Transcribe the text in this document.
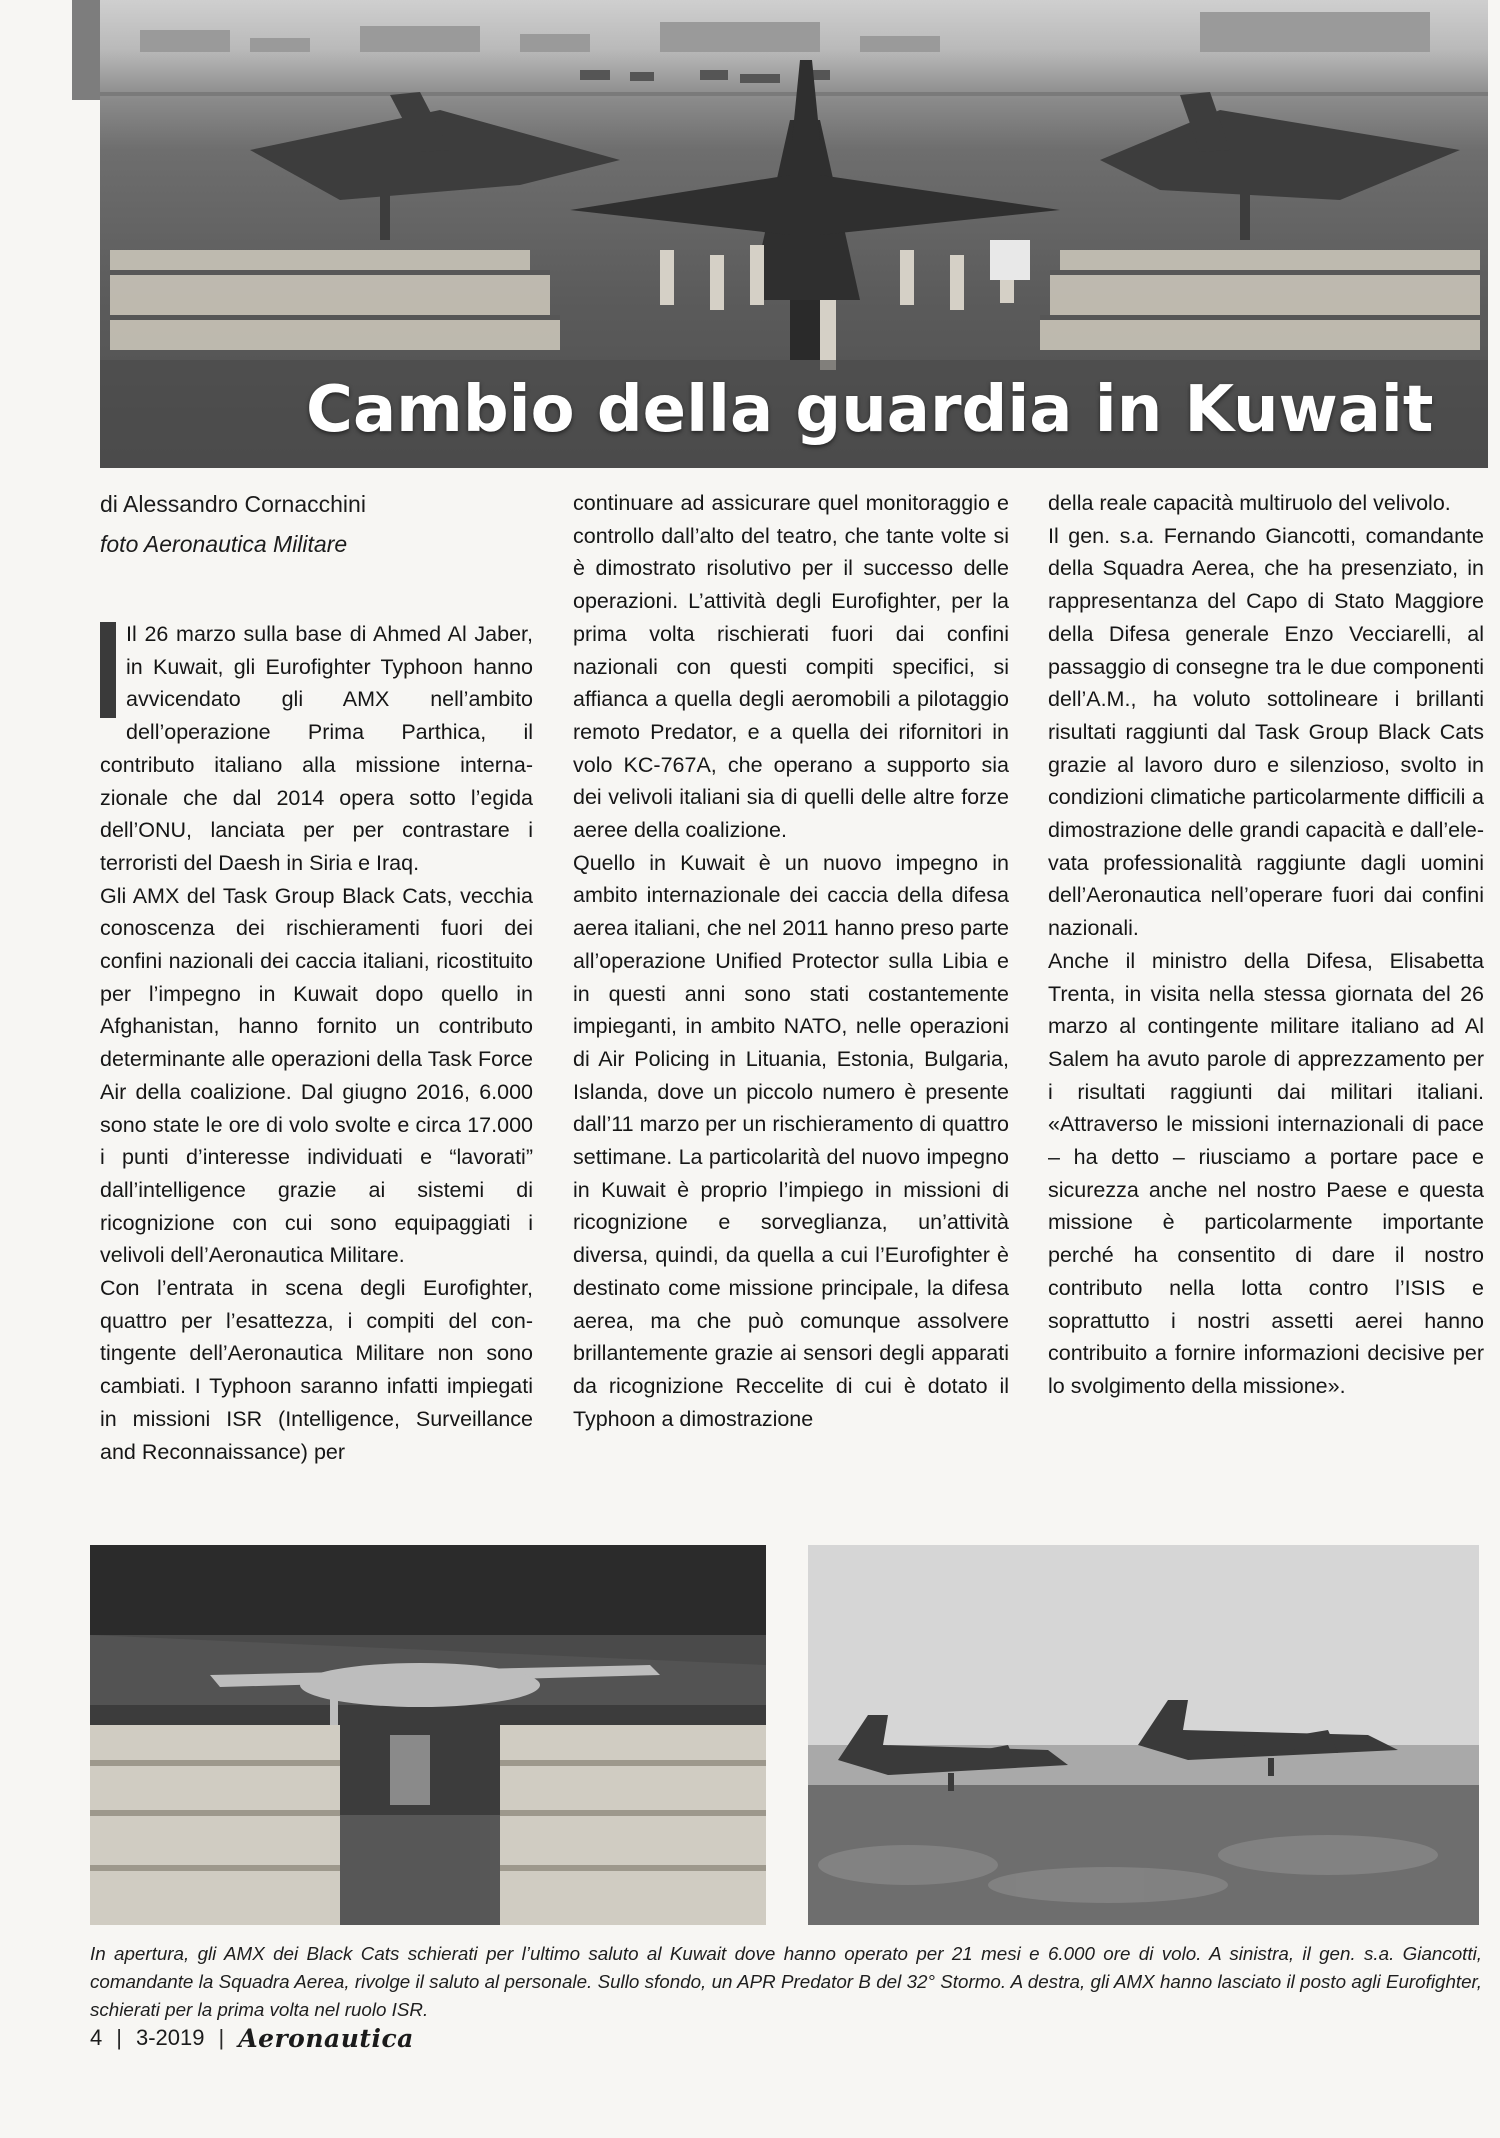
Cambio della guardia in Kuwait

di Alessandro Cornacchini

foto Aeronautica Militare

Il 26 marzo sulla base di Ahmed Al Jaber, in Kuwait, gli Eurofighter Typhoon hanno avvicendato gli AMX nell’ambito dell’operazione Prima Parthica, il contributo italiano alla missione internazionale che dal 2014 opera sotto l’egida dell’ONU, lanciata per per contrastare i terroristi del Daesh in Siria e Iraq.

Gli AMX del Task Group Black Cats, vecchia conoscenza dei rischieramenti fuori dei confini nazionali dei caccia italiani, ricostituito per l’impegno in Kuwait dopo quello in Afghanistan, hanno fornito un contributo determinante alle operazioni della Task Force Air della coalizione. Dal giugno 2016, 6.000 sono state le ore di volo svolte e circa 17.000 i punti d’interesse individuati e “lavorati” dall’intelligence grazie ai sistemi di ricognizione con cui sono equipaggiati i velivoli dell’Aeronautica Militare.

Con l’entrata in scena degli Eurofighter, quattro per l’esattezza, i compiti del contingente dell’Aeronautica Militare non sono cambiati. I Typhoon saranno infatti impiegati in missioni ISR (Intelligence, Surveillance and Reconnaissance) per

continuare ad assicurare quel monitoraggio e controllo dall’alto del teatro, che tante volte si è dimostrato risolutivo per il successo delle operazioni. L’attività degli Eurofighter, per la prima volta rischierati fuori dai confini nazionali con questi compiti specifici, si affianca a quella degli aeromobili a pilotaggio remoto Predator, e a quella dei rifornitori in volo KC-767A, che operano a supporto sia dei velivoli italiani sia di quelli delle altre forze aeree della coalizione.

Quello in Kuwait è un nuovo impegno in ambito internazionale dei caccia della difesa aerea italiani, che nel 2011 hanno preso parte all’operazione Unified Protector sulla Libia e in questi anni sono stati costantemente impieganti, in ambito NATO, nelle operazioni di Air Policing in Lituania, Estonia, Bulgaria, Islanda, dove un piccolo numero è presente dall’11 marzo per un rischieramento di quattro settimane. La particolarità del nuovo impegno in Kuwait è proprio l’impiego in missioni di ricognizione e sorveglianza, un’attività diversa, quindi, da quella a cui l’Eurofighter è destinato come missione principale, la difesa aerea, ma che può comunque assolvere brillantemente grazie ai sensori degli apparati da ricognizione Reccelite di cui è dotato il Typhoon a dimostrazione

della reale capacità multiruolo del velivolo.

Il gen. s.a. Fernando Giancotti, comandante della Squadra Aerea, che ha presenziato, in rappresentanza del Capo di Stato Maggiore della Difesa generale Enzo Vecciarelli, al passaggio di consegne tra le due componenti dell’A.M., ha voluto sottolineare i brillanti risultati raggiunti dal Task Group Black Cats grazie al lavoro duro e silenzioso, svolto in condizioni climatiche particolarmente difficili a dimostrazione delle grandi capacità e dall’elevata professionalità raggiunte dagli uomini dell’Aeronautica nell’operare fuori dai confini nazionali.

Anche il ministro della Difesa, Elisabetta Trenta, in visita nella stessa giornata del 26 marzo al contingente militare italiano ad Al Salem ha avuto parole di apprezzamento per i risultati raggiunti dai militari italiani. «Attraverso le missioni internazionali di pace – ha detto – riusciamo a portare pace e sicurezza anche nel nostro Paese e questa missione è particolarmente importante perché ha consentito di dare il nostro contributo nella lotta contro l’ISIS e soprattutto i nostri assetti aerei hanno contribuito a fornire informazioni decisive per lo svolgimento della missione».

In apertura, gli AMX dei Black Cats schierati per l’ultimo saluto al Kuwait dove hanno operato per 21 mesi e 6.000 ore di volo. A sinistra, il gen. s.a. Giancotti, comandante la Squadra Aerea, rivolge il saluto al personale. Sullo sfondo, un APR Predator B del 32° Stormo. A destra, gli AMX hanno lasciato il posto agli Eurofighter, schierati per la prima volta nel ruolo ISR.

4 | 3-2019 | Aeronautica
